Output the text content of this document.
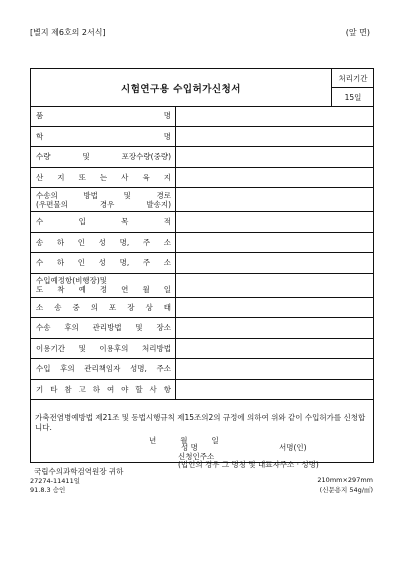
[별지 제6호의 2서식]	(앞 면)
시험연구용 수입허가신청서
처리기간
15일
품 명
학 명
수량 및 포장수량(중량)
산 지 또 는 사 육 지
수송의 방법 및 경로
(우편물의 경우 발송지)
수 입 목 적
송 하 인 성 명, 주 소
수 하 인 성 명, 주 소
수입예정항(비행장)및
도 착 예 정 연 월 일
소 송 중 의 포 장 상 태
수송 후의 관리방법 및 장소
이용기간 및 이용후의 처리방법
수입 후의 관리책임자 성명, 주소
기 타 참 고 하 여 야 할 사 항
가축전염병예방법 제21조 및 동법시행규칙 제15조의2의 규정에 의하여 위와 같이 수입허가를 신청합니다.
년	월	일
성 명	서명(인)
신청인주소
(법인의 경우 그 명칭 및 대표자주소 · 성명)
국립수의과학검역원장 귀하
27274-11411일
91.8.3 승인
210mm×297mm
(신문용지 54g/㎡)
